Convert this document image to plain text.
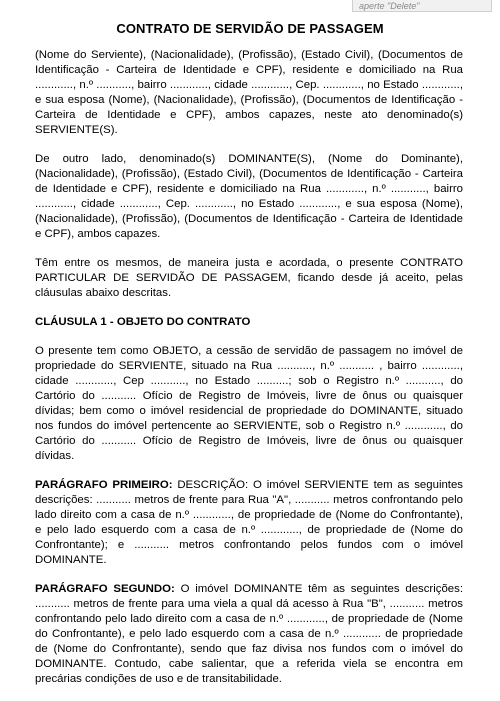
aperte "Delete"
CONTRATO DE SERVIDÃO DE PASSAGEM

(Nome do Serviente), (Nacionalidade), (Profissão), (Estado Civil), (Documentos de Identificação - Carteira de Identidade e CPF), residente e domiciliado na Rua ............, n.º ..........., bairro ............, cidade ............, Cep. ............, no Estado ............, e sua esposa (Nome), (Nacionalidade), (Profissão), (Documentos de Identificação - Carteira de Identidade e CPF), ambos capazes, neste ato denominado(s) SERVIENTE(S).

De outro lado, denominado(s) DOMINANTE(S), (Nome do Dominante), (Nacionalidade), (Profissão), (Estado Civil), (Documentos de Identificação - Carteira de Identidade e CPF), residente e domiciliado na Rua ............, n.º ..........., bairro ............, cidade ............, Cep. ............, no Estado ............, e sua esposa (Nome), (Nacionalidade), (Profissão), (Documentos de Identificação - Carteira de Identidade e CPF), ambos capazes.

Têm entre os mesmos, de maneira justa e acordada, o presente CONTRATO PARTICULAR DE SERVIDÃO DE PASSAGEM, ficando desde já aceito, pelas cláusulas abaixo descritas.

CLÁUSULA 1 - OBJETO DO CONTRATO

O presente tem como OBJETO, a cessão de servidão de passagem no imóvel de propriedade do SERVIENTE, situado na Rua ..........., n.º ........... , bairro ............, cidade ............, Cep ..........., no Estado ..........; sob o Registro n.º ..........., do Cartório do ........... Ofício de Registro de Imóveis, livre de ônus ou quaisquer dívidas; bem como o imóvel residencial de propriedade do DOMINANTE, situado nos fundos do imóvel pertencente ao SERVIENTE, sob o Registro n.º ............, do Cartório do ........... Ofício de Registro de Imóveis, livre de ônus ou quaisquer dívidas.

PARÁGRAFO PRIMEIRO: DESCRIÇÃO: O imóvel SERVIENTE tem as seguintes descrições: ........... metros de frente para Rua "A", ........... metros confrontando pelo lado direito com a casa de n.º ............, de propriedade de (Nome do Confrontante), e pelo lado esquerdo com a casa de n.º ............, de propriedade de (Nome do Confrontante); e ........... metros confrontando pelos fundos com o imóvel DOMINANTE.

PARÁGRAFO SEGUNDO: O imóvel DOMINANTE têm as seguintes descrições: ........... metros de frente para uma viela a qual dá acesso à Rua "B", ........... metros confrontando pelo lado direito com a casa de n.º ............, de propriedade de (Nome do Confrontante), e pelo lado esquerdo com a casa de n.º ............ de propriedade de (Nome do Confrontante), sendo que faz divisa nos fundos com o imóvel do DOMINANTE. Contudo, cabe salientar, que a referida viela se encontra em precárias condições de uso e de transitabilidade.
